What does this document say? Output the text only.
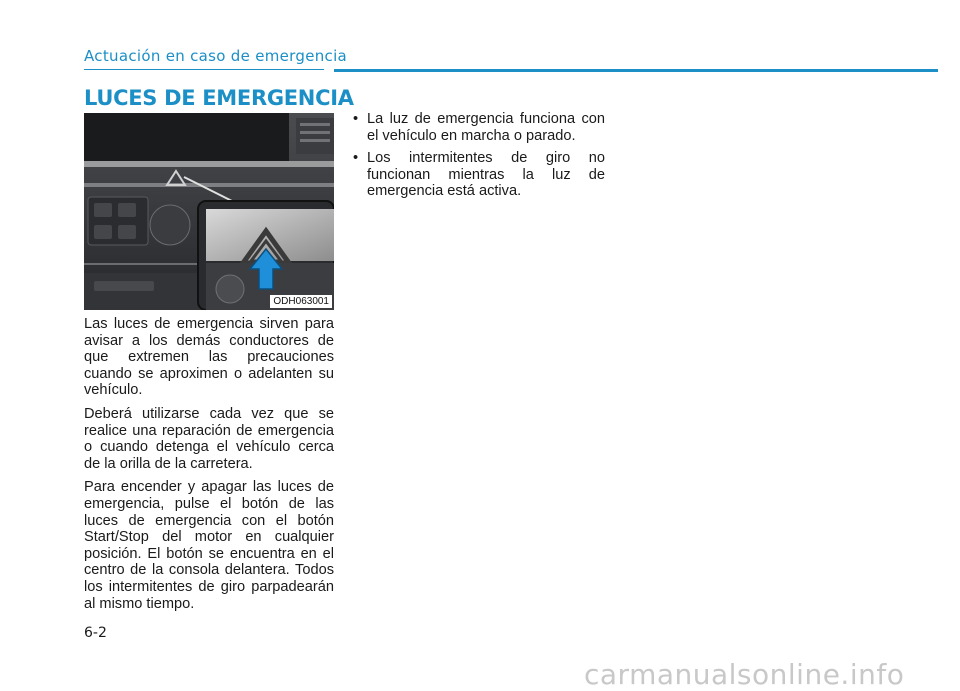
Actuación en caso de emergencia
LUCES DE EMERGENCIA
ODH063001

Las luces de emergencia sirven para avisar a los demás conductores de que extremen las precauciones cuando se aproximen o adelanten su vehículo.

Deberá utilizarse cada vez que se realice una reparación de emergencia o cuando detenga el vehículo cerca de la orilla de la carretera.

Para encender y apagar las luces de emergencia, pulse el botón de las luces de emergencia con el botón Start/Stop del motor en cualquier posición. El botón se encuentra en el centro de la consola delantera. Todos los intermitentes de giro parpadearán al mismo tiempo.

• La luz de emergencia funciona con el vehículo en marcha o parado.
• Los intermitentes de giro no funcionan mientras la luz de emergencia está activa.
6-2
carmanualsonline.info
